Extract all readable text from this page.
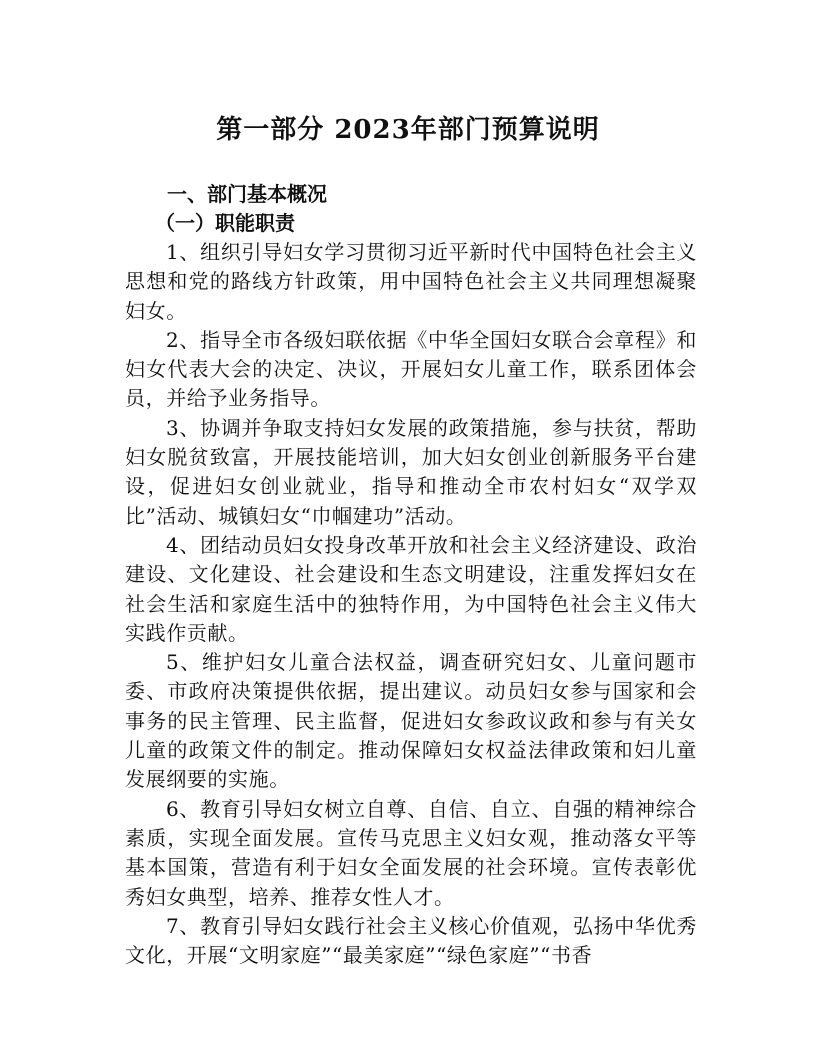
第一部分 2023年部门预算说明

一、部门基本概况

（一）职能职责

1、组织引导妇女学习贯彻习近平新时代中国特色社会主义思想和党的路线方针政策，用中国特色社会主义共同理想凝聚妇女。

2、指导全市各级妇联依据《中华全国妇女联合会章程》和妇女代表大会的决定、决议，开展妇女儿童工作，联系团体会员，并给予业务指导。

3、协调并争取支持妇女发展的政策措施，参与扶贫，帮助妇女脱贫致富，开展技能培训，加大妇女创业创新服务平台建设，促进妇女创业就业，指导和推动全市农村妇女“双学双比”活动、城镇妇女“巾帼建功”活动。

4、团结动员妇女投身改革开放和社会主义经济建设、政治建设、文化建设、社会建设和生态文明建设，注重发挥妇女在社会生活和家庭生活中的独特作用，为中国特色社会主义伟大实践作贡献。

5、维护妇女儿童合法权益，调查研究妇女、儿童问题市委、市政府决策提供依据，提出建议。动员妇女参与国家和会事务的民主管理、民主监督，促进妇女参政议政和参与有关女儿童的政策文件的制定。推动保障妇女权益法律政策和妇儿童发展纲要的实施。

6、教育引导妇女树立自尊、自信、自立、自强的精神综合素质，实现全面发展。宣传马克思主义妇女观，推动落女平等基本国策，营造有利于妇女全面发展的社会环境。宣传表彰优秀妇女典型，培养、推荐女性人才。

7、教育引导妇女践行社会主义核心价值观，弘扬中华优秀文化，开展“文明家庭”“最美家庭”“绿色家庭”“书香
